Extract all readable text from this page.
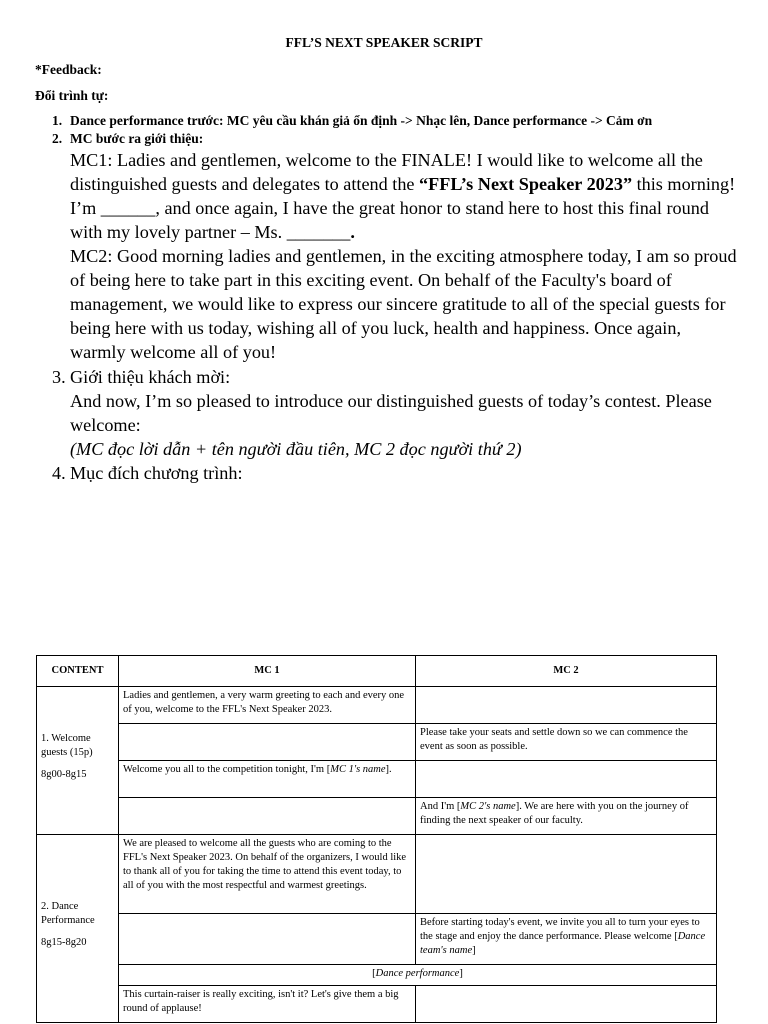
FFL’S NEXT SPEAKER SCRIPT
*Feedback:
Đổi trình tự:
1. Dance performance trước: MC yêu cầu khán giả ổn định -> Nhạc lên, Dance performance -> Cảm ơn
2. MC bước ra giới thiệu:
MC1: Ladies and gentlemen, welcome to the FINALE! I would like to welcome all the distinguished guests and delegates to attend the “FFL’s Next Speaker 2023” this morning! I’m ______, and once again, I have the great honor to stand here to host this final round with my lovely partner – Ms. _______.
MC2: Good morning ladies and gentlemen, in the exciting atmosphere today, I am so proud of being here to take part in this exciting event. On behalf of the Faculty's board of management, we would like to express our sincere gratitude to all of the special guests for being here with us today, wishing all of you luck, health and happiness. Once again, warmly welcome all of you!
3. Giới thiệu khách mời:
And now, I’m so pleased to introduce our distinguished guests of today’s contest. Please welcome:
(MC đọc lời dẫn + tên người đầu tiên, MC 2 đọc người thứ 2)
4. Mục đích chương trình:
CONTENT	MC 1	MC 2

1. Welcome guests (15p)

8g00-8g15	Ladies and gentlemen, a very warm greeting to each and every one of you, welcome to the FFL's Next Speaker 2023.	
		Please take your seats and settle down so we can commence the event as soon as possible.
	Welcome you all to the competition tonight, I'm [MC 1's name].	
		And I'm [MC 2's name]. We are here with you on the journey of finding the next speaker of our faculty.

2. Dance Performance

8g15-8g20	We are pleased to welcome all the guests who are coming to the FFL's Next Speaker 2023. On behalf of the organizers, I would like to thank all of you for taking the time to attend this event today, to all of you with the most respectful and warmest greetings.	
		Before starting today's event, we invite you all to turn your eyes to the stage and enjoy the dance performance. Please welcome [Dance team's name]
	[Dance performance]	
	This curtain-raiser is really exciting, isn't it? Let's give them a big round of applause!	
